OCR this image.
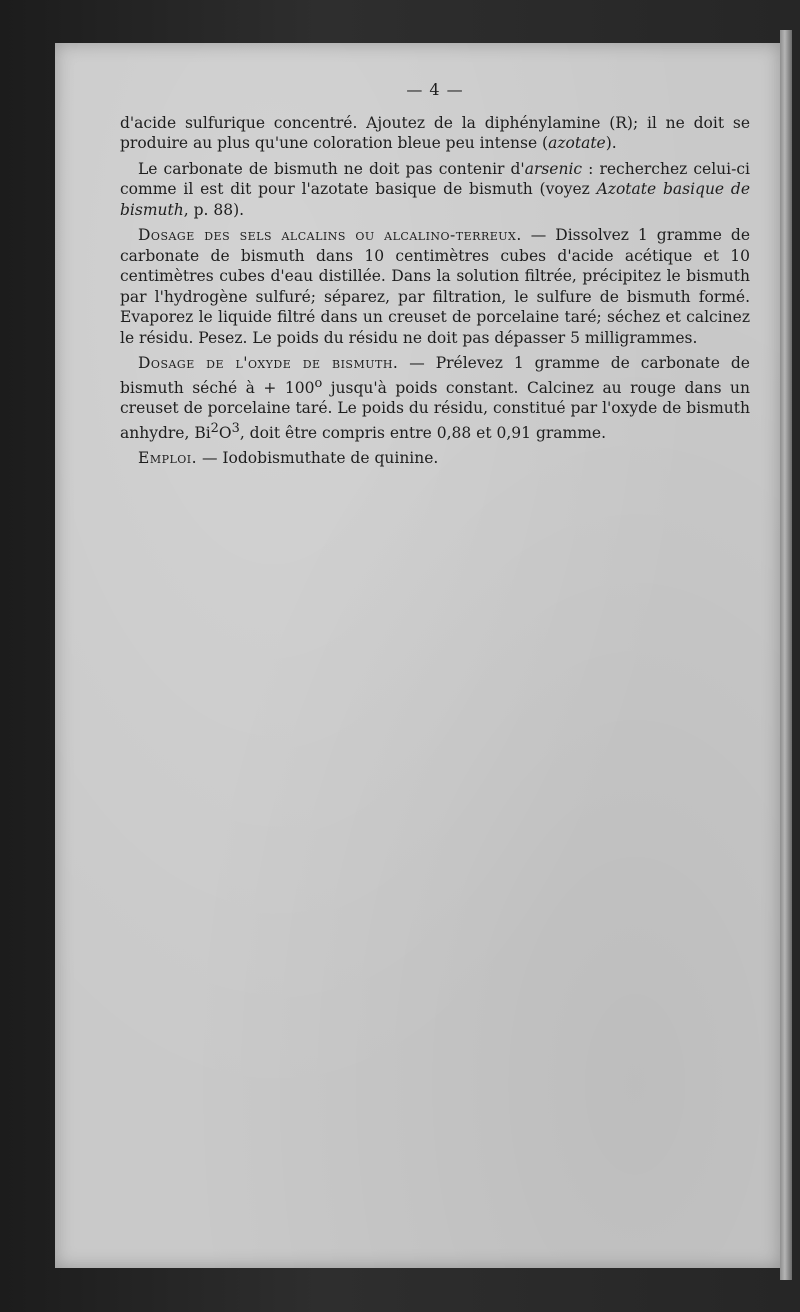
— 4 —

d'acide sulfurique concentré. Ajoutez de la diphénylamine (R); il ne doit se produire au plus qu'une coloration bleue peu intense (azotate).

Le carbonate de bismuth ne doit pas contenir d'arsenic : recherchez celui-ci comme il est dit pour l'azotate basique de bismuth (voyez Azotate basique de bismuth, p. 88).

Dosage des sels alcalins ou alcalino-terreux. — Dissolvez 1 gramme de carbonate de bismuth dans 10 centimètres cubes d'acide acétique et 10 centimètres cubes d'eau distillée. Dans la solution filtrée, précipitez le bismuth par l'hydrogène sulfuré; séparez, par filtration, le sulfure de bismuth formé. Evaporez le liquide filtré dans un creuset de porcelaine taré; séchez et calcinez le résidu. Pesez. Le poids du résidu ne doit pas dépasser 5 milligrammes.

Dosage de l'oxyde de bismuth. — Prélevez 1 gramme de carbonate de bismuth séché à + $100^o$ jusqu'à poids constant. Calcinez au rouge dans un creuset de porcelaine taré. Le poids du résidu, constitué par l'oxyde de bismuth anhydre, $Bi^2O^3$, doit être compris entre 0,88 et 0,91 gramme.

Emploi. — Iodobismuthate de quinine.
